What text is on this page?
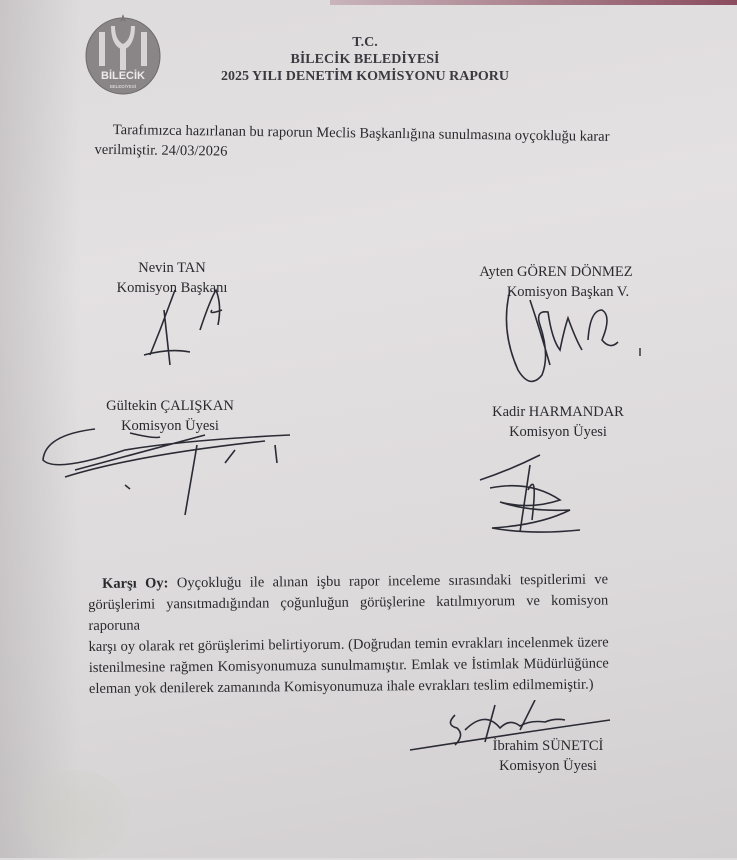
BİLECİK
BELEDİYESİ
T.C.
BİLECİK BELEDİYESİ
2025 YILI DENETİM KOMİSYONU RAPORU
Tarafımızca hazırlanan bu raporun Meclis Başkanlığına sunulmasına oyçokluğu karar
verilmiştir. 24/03/2026
Nevin TAN
Komisyon Başkanı
Ayten GÖREN DÖNMEZ
Komisyon Başkan V.
Gültekin ÇALIŞKAN
Komisyon Üyesi
Kadir HARMANDAR
Komisyon Üyesi
Karşı Oy: Oyçokluğu ile alınan işbu rapor inceleme sırasındaki tespitlerimi ve
görüşlerimi yansıtmadığından çoğunluğun görüşlerine katılmıyorum ve komisyon raporuna
karşı oy olarak ret görüşlerimi belirtiyorum. (Doğrudan temin evrakları incelenmek üzere
istenilmesine rağmen Komisyonumuza sunulmamıştır. Emlak ve İstimlak Müdürlüğünce
eleman yok denilerek zamanında Komisyonumuza ihale evrakları teslim edilmemiştir.)
İbrahim SÜNETCİ
Komisyon Üyesi
